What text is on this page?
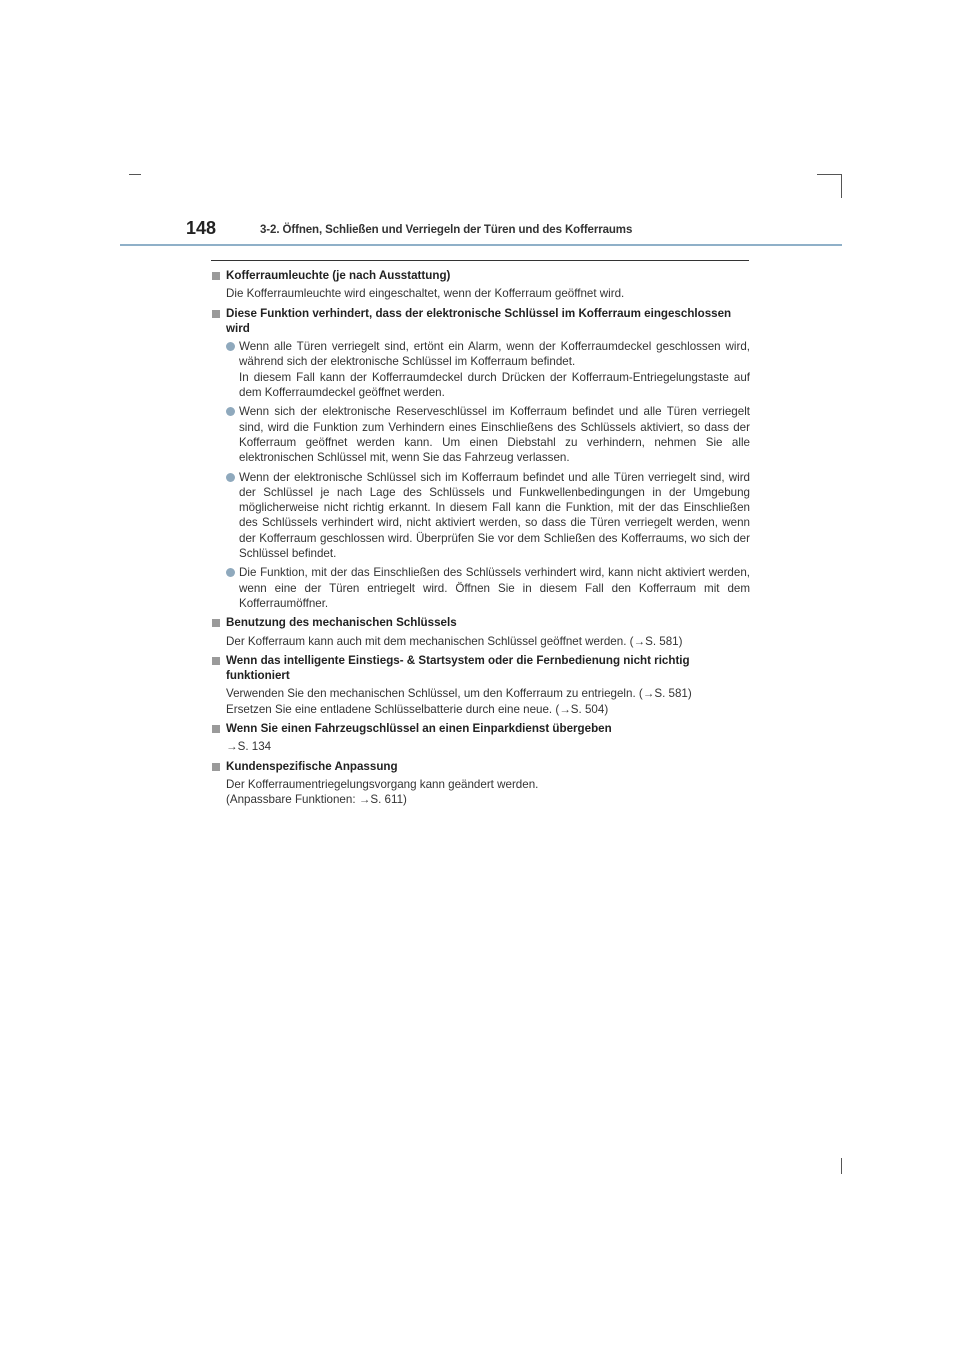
148	3-2. Öffnen, Schließen und Verriegeln der Türen und des Kofferraums
Kofferraumleuchte (je nach Ausstattung)
Die Kofferraumleuchte wird eingeschaltet, wenn der Kofferraum geöffnet wird.
Diese Funktion verhindert, dass der elektronische Schlüssel im Kofferraum eingeschlossen wird
Wenn alle Türen verriegelt sind, ertönt ein Alarm, wenn der Kofferraumdeckel geschlossen wird, während sich der elektronische Schlüssel im Kofferraum befindet.
In diesem Fall kann der Kofferraumdeckel durch Drücken der Kofferraum-Entriegelungstaste auf dem Kofferraumdeckel geöffnet werden.
Wenn sich der elektronische Reserveschlüssel im Kofferraum befindet und alle Türen verriegelt sind, wird die Funktion zum Verhindern eines Einschließens des Schlüssels aktiviert, so dass der Kofferraum geöffnet werden kann. Um einen Diebstahl zu verhindern, nehmen Sie alle elektronischen Schlüssel mit, wenn Sie das Fahrzeug verlassen.
Wenn der elektronische Schlüssel sich im Kofferraum befindet und alle Türen verriegelt sind, wird der Schlüssel je nach Lage des Schlüssels und Funkwellenbedingungen in der Umgebung möglicherweise nicht richtig erkannt. In diesem Fall kann die Funktion, mit der das Einschließen des Schlüssels verhindert wird, nicht aktiviert werden, so dass die Türen verriegelt werden, wenn der Kofferraum geschlossen wird. Überprüfen Sie vor dem Schließen des Kofferraums, wo sich der Schlüssel befindet.
Die Funktion, mit der das Einschließen des Schlüssels verhindert wird, kann nicht aktiviert werden, wenn eine der Türen entriegelt wird. Öffnen Sie in diesem Fall den Kofferraum mit dem Kofferraumöffner.
Benutzung des mechanischen Schlüssels
Der Kofferraum kann auch mit dem mechanischen Schlüssel geöffnet werden. (→S. 581)
Wenn das intelligente Einstiegs- & Startsystem oder die Fernbedienung nicht richtig funktioniert
Verwenden Sie den mechanischen Schlüssel, um den Kofferraum zu entriegeln. (→S. 581)
Ersetzen Sie eine entladene Schlüsselbatterie durch eine neue. (→S. 504)
Wenn Sie einen Fahrzeugschlüssel an einen Einparkdienst übergeben
→S. 134
Kundenspezifische Anpassung
Der Kofferraumentriegelungsvorgang kann geändert werden.
(Anpassbare Funktionen: →S. 611)
